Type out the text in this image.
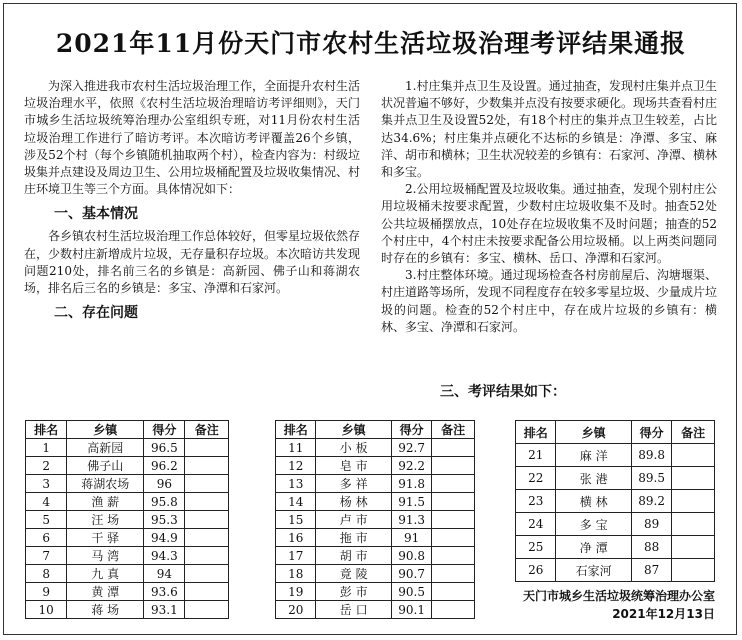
2021年11月份天门市农村生活垃圾治理考评结果通报

为深入推进我市农村生活垃圾治理工作，全面提升农村生活垃圾治理水平，依照《农村生活垃圾治理暗访考评细则》，天门市城乡生活垃圾统筹治理办公室组织专班，对11月份农村生活垃圾治理工作进行了暗访考评。本次暗访考评覆盖26个乡镇，涉及52个村（每个乡镇随机抽取两个村），检查内容为：村级垃圾集并点建设及周边卫生、公用垃圾桶配置及垃圾收集情况、村庄环境卫生等三个方面。具体情况如下：

一、基本情况

各乡镇农村生活垃圾治理工作总体较好，但零星垃圾依然存在，少数村庄新增成片垃圾，无存量积存垃圾。本次暗访共发现问题210处，排名前三名的乡镇是：高新园、佛子山和蒋湖农场，排名后三名的乡镇是：多宝、净潭和石家河。

二、存在问题

1.村庄集并点卫生及设置。通过抽查，发现村庄集并点卫生状况普遍不够好，少数集并点没有按要求硬化。现场共查看村庄集并点卫生及设置52处，有18个村庄的集并点卫生较差，占比达34.6%；村庄集并点硬化不达标的乡镇是：净潭、多宝、麻洋、胡市和横林；卫生状况较差的乡镇有：石家河、净潭、横林和多宝。

2.公用垃圾桶配置及垃圾收集。通过抽查，发现个别村庄公用垃圾桶未按要求配置，少数村庄垃圾收集不及时。抽查52处公共垃圾桶摆放点，10处存在垃圾收集不及时问题；抽查的52个村庄中，4个村庄未按要求配备公用垃圾桶。以上两类问题同时存在的乡镇有：多宝、横林、岳口、净潭和石家河。

3.村庄整体环境。通过现场检查各村房前屋后、沟塘堰渠、村庄道路等场所，发现不同程度存在较多零星垃圾、少量成片垃圾的问题。检查的52个村庄中，存在成片垃圾的乡镇有：横林、多宝、净潭和石家河。

三、考评结果如下：
排名	乡镇	得分	备注
1	高新园	96.5	
2	佛子山	96.2	
3	蒋湖农场	96	
4	渔 薪	95.8	
5	汪 场	95.3	
6	干 驿	94.9	
7	马 湾	94.3	
8	九 真	94	
9	黄 潭	93.6	
10	蒋 场	93.1	
排名	乡镇	得分	备注
11	小 板	92.7	
12	皂 市	92.2	
13	多 祥	91.8	
14	杨 林	91.5	
15	卢 市	91.3	
16	拖 市	91	
17	胡 市	90.8	
18	竟 陵	90.7	
19	彭 市	90.5	
20	岳 口	90.1	
排名	乡镇	得分	备注
21	麻 洋	89.8	
22	张 港	89.5	
23	横 林	89.2	
24	多 宝	89	
25	净 潭	88	
26	石家河	87	
天门市城乡生活垃圾统筹治理办公室
2021年12月13日
